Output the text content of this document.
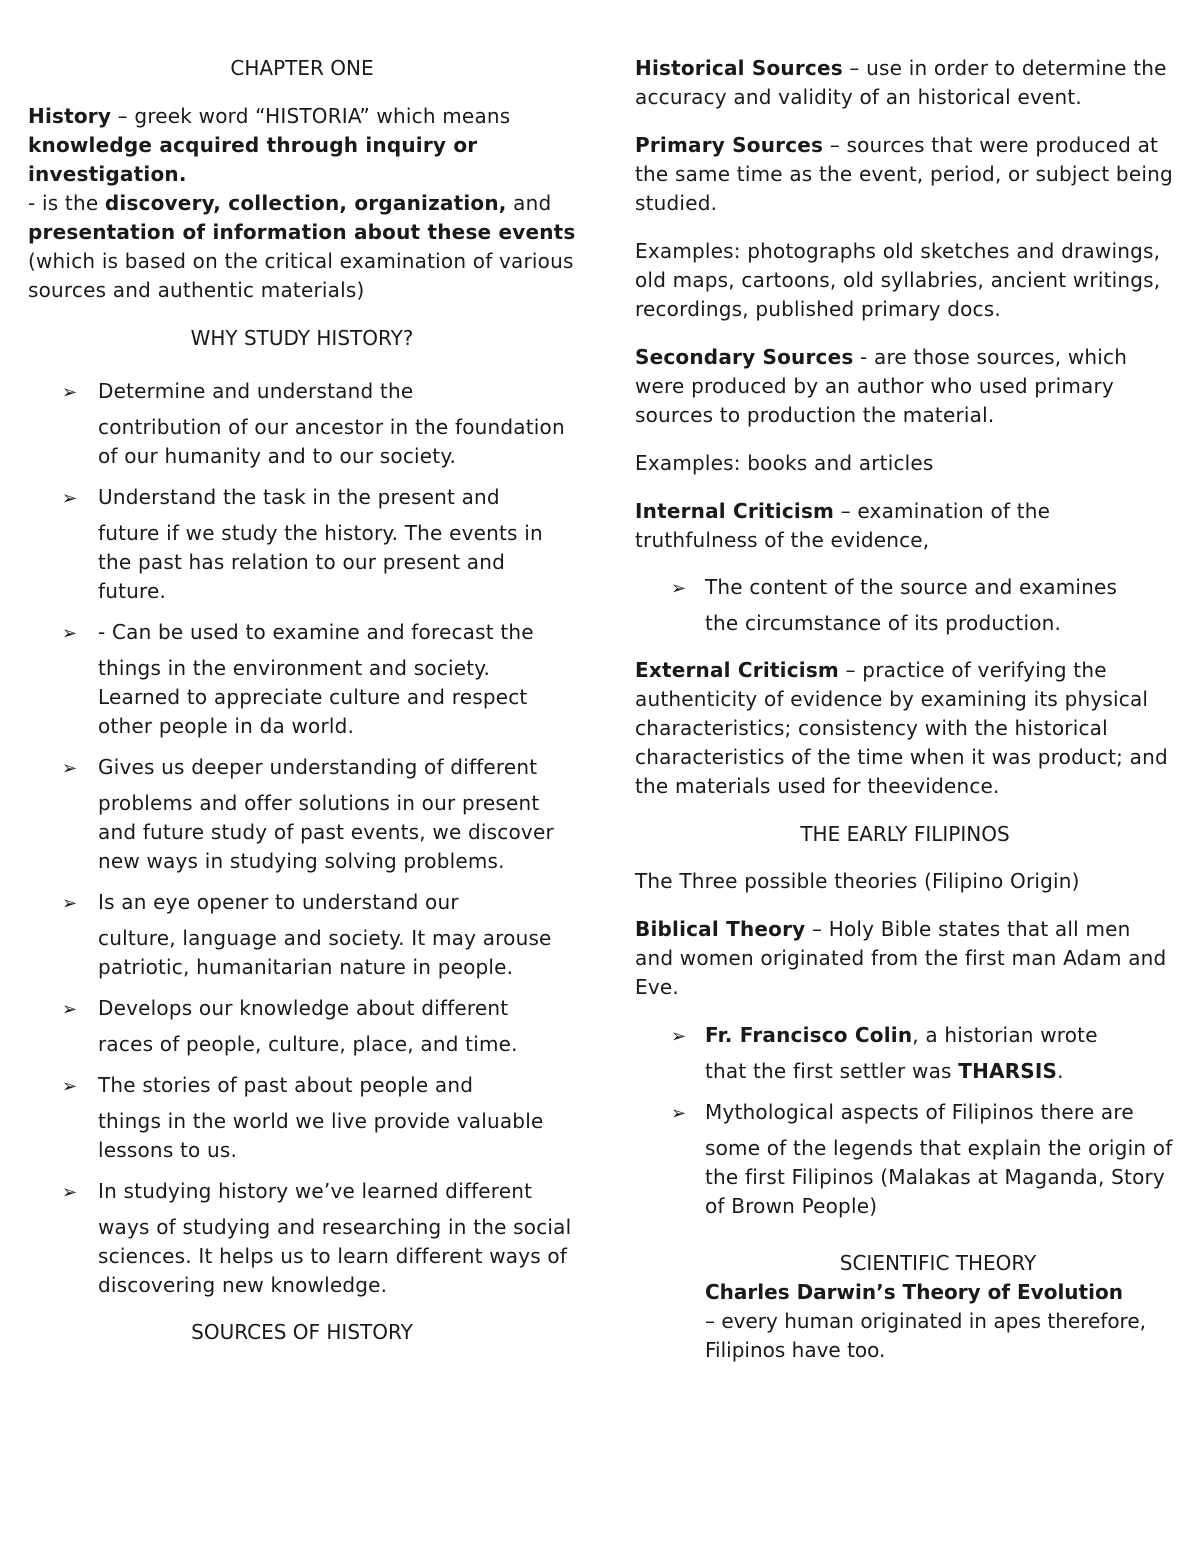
CHAPTER ONE

History – greek word “HISTORIA” which means knowledge acquired through inquiry or investigation.

- is the discovery, collection, organization, and presentation of information about these events (which is based on the critical examination of various sources and authentic materials)

WHY STUDY HISTORY?
➢ Determine and understand the
contribution of our ancestor in the foundation of our humanity and to our society.
➢ Understand the task in the present and
future if we study the history. The events in the past has relation to our present and future.
➢ - Can be used to examine and forecast the
things in the environment and society. Learned to appreciate culture and respect other people in da world.
➢ Gives us deeper understanding of different
problems and offer solutions in our present and future study of past events, we discover new ways in studying solving problems.
➢ Is an eye opener to understand our
culture, language and society. It may arouse patriotic, humanitarian nature in people.
➢ Develops our knowledge about different
races of people, culture, place, and time.
➢ The stories of past about people and
things in the world we live provide valuable lessons to us.
➢ In studying history we’ve learned different
ways of studying and researching in the social sciences. It helps us to learn different ways of discovering new knowledge.
SOURCES OF HISTORY

Historical Sources – use in order to determine the accuracy and validity of an historical event.

Primary Sources – sources that were produced at the same time as the event, period, or subject being studied.

Examples: photographs old sketches and drawings, old maps, cartoons, old syllabries, ancient writings, recordings, published primary docs.

Secondary Sources - are those sources, which were produced by an author who used primary sources to production the material.

Examples: books and articles

Internal Criticism – examination of the truthfulness of the evidence,

➢ The content of the source and examines
the circumstance of its production.

External Criticism – practice of verifying the authenticity of evidence by examining its physical characteristics; consistency with the historical characteristics of the time when it was product; and the materials used for theevidence.

THE EARLY FILIPINOS

The Three possible theories (Filipino Origin)

Biblical Theory – Holy Bible states that all men and women originated from the first man Adam and Eve.

➢ Fr. Francisco Colin, a historian wrote
that the first settler was THARSIS.
➢ Mythological aspects of Filipinos there are
some of the legends that explain the origin of the first Filipinos (Malakas at Maganda, Story of Brown People)
SCIENTIFIC THEORY
Charles Darwin’s Theory of Evolution
– every human originated in apes therefore, Filipinos have too.
